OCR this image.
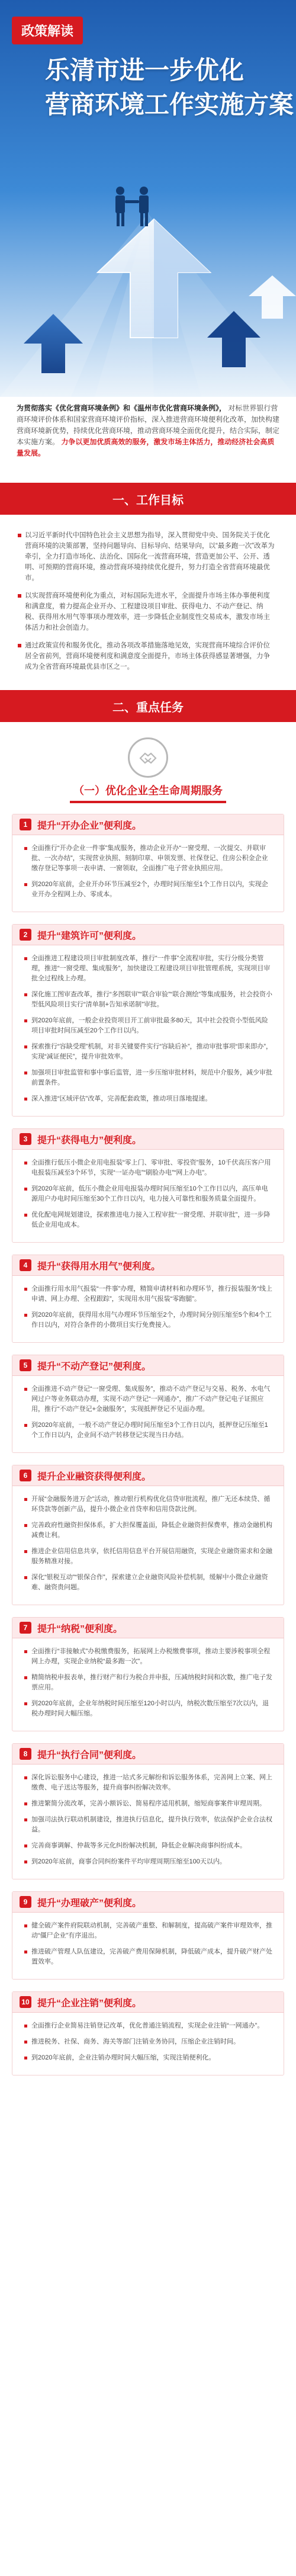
政策解读
乐清市进一步优化
营商环境工作实施方案
为贯彻落实《优化营商环境条例》和《温州市优化营商环境条例》， 对标世界银行营商环境评价体系和国家营商环境评价指标，深入推进营商环境便利化改革，加快构建营商环境新优势，持续优化营商环境，推动营商环境全面优化提升，结合实际，制定本实施方案。 力争以更加优质高效的服务，激发市场主体活力，推动经济社会高质量发展。
一、工作目标
以习近平新时代中国特色社会主义思想为指导，深入贯彻党中央、国务院关于优化营商环境的决策部署，坚持问题导向、目标导向、结果导向，以“最多跑一次”改革为牵引，全力打造市场化、法治化、国际化一流营商环境，营造更加公平、公开、透明、可预期的营商环境，推动营商环境持续优化提升，努力打造全省营商环境最优市。
以实现营商环境便利化为重点，对标国际先进水平，全面提升市场主体办事便利度和满意度，着力提高企业开办、工程建设项目审批、获得电力、不动产登记、纳税、获得用水用气等事项办理效率，进一步降低企业制度性交易成本，激发市场主体活力和社会创造力。
通过政策宣传和服务优化，推动各项改革措施落地见效，实现营商环境综合评价位居全省前列，营商环境便利度和满意度全面提升，市场主体获得感显著增强，力争成为全省营商环境最优县市区之一。
二、重点任务
（一）优化企业全生命周期服务
1	提升“开办企业”便利度。
全面推行“开办企业一件事”集成服务，推动企业开办“一窗受理、一次提交、并联审批、一次办结”，实现营业执照、刻制印章、申领发票、社保登记、住房公积金企业缴存登记等事项一表申请、一窗领取，全面推广电子营业执照应用。
到2020年底前，企业开办环节压减至2个，办理时间压缩至1个工作日以内，实现企业开办全程网上办、零成本。
2	提升“建筑许可”便利度。
全面推进工程建设项目审批制度改革，推行“一件事”全流程审批，实行分级分类管理，推进“一窗受理、集成服务”，加快建设工程建设项目审批管理系统，实现项目审批全过程线上办理。
深化施工图审查改革，推行“多图联审”“联合审验”“联合测绘”等集成服务，社会投资小型低风险项目实行“清单制+告知承诺制”审批。
到2020年底前，一般企业投资项目开工前审批最多80天，其中社会投资小型低风险项目审批时间压减至20个工作日以内。
探索推行“容缺受理”机制，对非关键要件实行“容缺后补”，推动审批事项“即来即办”，实现“减证便民”，提升审批效率。
加强项目审批监管和事中事后监管，进一步压缩审批材料，规范中介服务，减少审批前置条件。
深入推进“区域评估”改革，完善配套政策，推动项目落地提速。
3	提升“获得电力”便利度。
全面推行低压小微企业用电报装“零上门、零审批、零投资”服务，10千伏高压客户用电报装压减至3个环节，实现“一证办电”“刷脸办电”“网上办电”。
到2020年底前，低压小微企业用电报装办理时间压缩至10个工作日以内，高压单电源用户办电时间压缩至30个工作日以内，电力接入可靠性和服务质量全面提升。
优化配电网规划建设，探索推进电力接入工程审批“一窗受理、并联审批”，进一步降低企业用电成本。
4	提升“获得用水用气”便利度。
全面推行用水用气报装“一件事”办理，精简申请材料和办理环节，推行报装服务“线上申请、网上办理、全程跟踪”，实现用水用气报装“零跑腿”。
到2020年底前，获得用水用气办理环节压缩至2个，办理时间分别压缩至5个和4个工作日以内，对符合条件的小微项目实行免费接入。
5	提升“不动产登记”便利度。
全面推进不动产登记“一窗受理、集成服务”，推动不动产登记与交易、税务、水电气网过户等业务联动办理，实现不动产登记“一网通办”，推广不动产登记电子证照应用，推行“不动产登记+金融服务”，实现抵押登记不见面办理。
到2020年底前，一般不动产登记办理时间压缩至3个工作日以内，抵押登记压缩至1个工作日以内，企业间不动产转移登记实现当日办结。
6	提升企业融资获得便利度。
开展“金融服务进万企”活动，推动银行机构优化信贷审批流程，推广无还本续贷、循环贷款等创新产品，提升小微企业首贷率和信用贷款比例。
完善政府性融资担保体系，扩大担保覆盖面，降低企业融资担保费率，推动金融机构减费让利。
推进企业信用信息共享，依托信用信息平台开展信用融资，实现企业融资需求和金融服务精准对接。
深化“银税互动”“银保合作”，探索建立企业融资风险补偿机制，缓解中小微企业融资难、融资贵问题。
7	提升“纳税”便利度。
全面推行“非接触式”办税缴费服务，拓展网上办税缴费事项，推动主要涉税事项全程网上办理，实现企业纳税“最多跑一次”。
精简纳税申报表单，推行财产和行为税合并申报，压减纳税时间和次数，推广电子发票应用。
到2020年底前，企业年纳税时间压缩至120小时以内，纳税次数压缩至7次以内，退税办理时间大幅压缩。
8	提升“执行合同”便利度。
深化诉讼服务中心建设，推进一站式多元解纷和诉讼服务体系，完善网上立案、网上缴费、电子送达等服务，提升商事纠纷解决效率。
推进繁简分流改革，完善小额诉讼、简易程序适用机制，缩短商事案件审理周期。
加强司法执行联动机制建设，推进执行信息化，提升执行效率，依法保护企业合法权益。
完善商事调解、仲裁等多元化纠纷解决机制，降低企业解决商事纠纷成本。
到2020年底前，商事合同纠纷案件平均审理周期压缩至100天以内。
9	提升“办理破产”便利度。
健全破产案件府院联动机制，完善破产重整、和解制度，提高破产案件审理效率，推动“僵尸企业”有序退出。
推进破产管理人队伍建设，完善破产费用保障机制，降低破产成本，提升破产财产处置效率。
10 提升“企业注销”便利度。
全面推行企业简易注销登记改革，优化普通注销流程，实现企业注销“一网通办”。
推进税务、社保、商务、海关等部门注销业务协同，压缩企业注销时间。
到2020年底前，企业注销办理时间大幅压缩，实现注销便利化。
